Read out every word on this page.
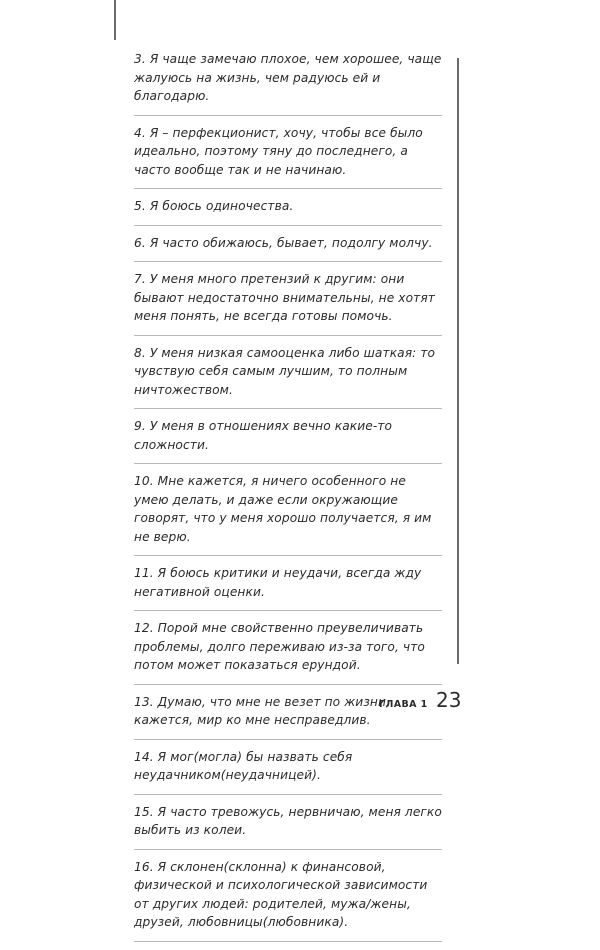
3. Я чаще замечаю плохое, чем хорошее, чаще жалуюсь на жизнь, чем радуюсь ей и благодарю.
4. Я – перфекционист, хочу, чтобы все было идеально, поэтому тяну до последнего, а часто вообще так и не начинаю.
5. Я боюсь одиночества.
6. Я часто обижаюсь, бывает, подолгу молчу.
7. У меня много претензий к другим: они бывают недостаточно внимательны, не хотят меня понять, не всегда готовы помочь.
8. У меня низкая самооценка либо шаткая: то чувствую себя самым лучшим, то полным ничтожеством.
9. У меня в отношениях вечно какие-то сложности.
10. Мне кажется, я ничего особенного не умею делать, и даже если окружающие говорят, что у меня хорошо получается, я им не верю.
11. Я боюсь критики и неудачи, всегда жду негативной оценки.
12. Порой мне свойственно преувеличивать проблемы, долго переживаю из-за того, что потом может показаться ерундой.
13. Думаю, что мне не везет по жизни, кажется, мир ко мне несправедлив.
14. Я мог(могла) бы назвать себя неудачником(неудачницей).
15. Я часто тревожусь, нервничаю, меня легко выбить из колеи.
16. Я склонен(склонна) к финансовой, физической и психологической зависимости от других людей: родителей, мужа/жены, друзей, любовницы(любовника).
ГЛАВА 1 23
